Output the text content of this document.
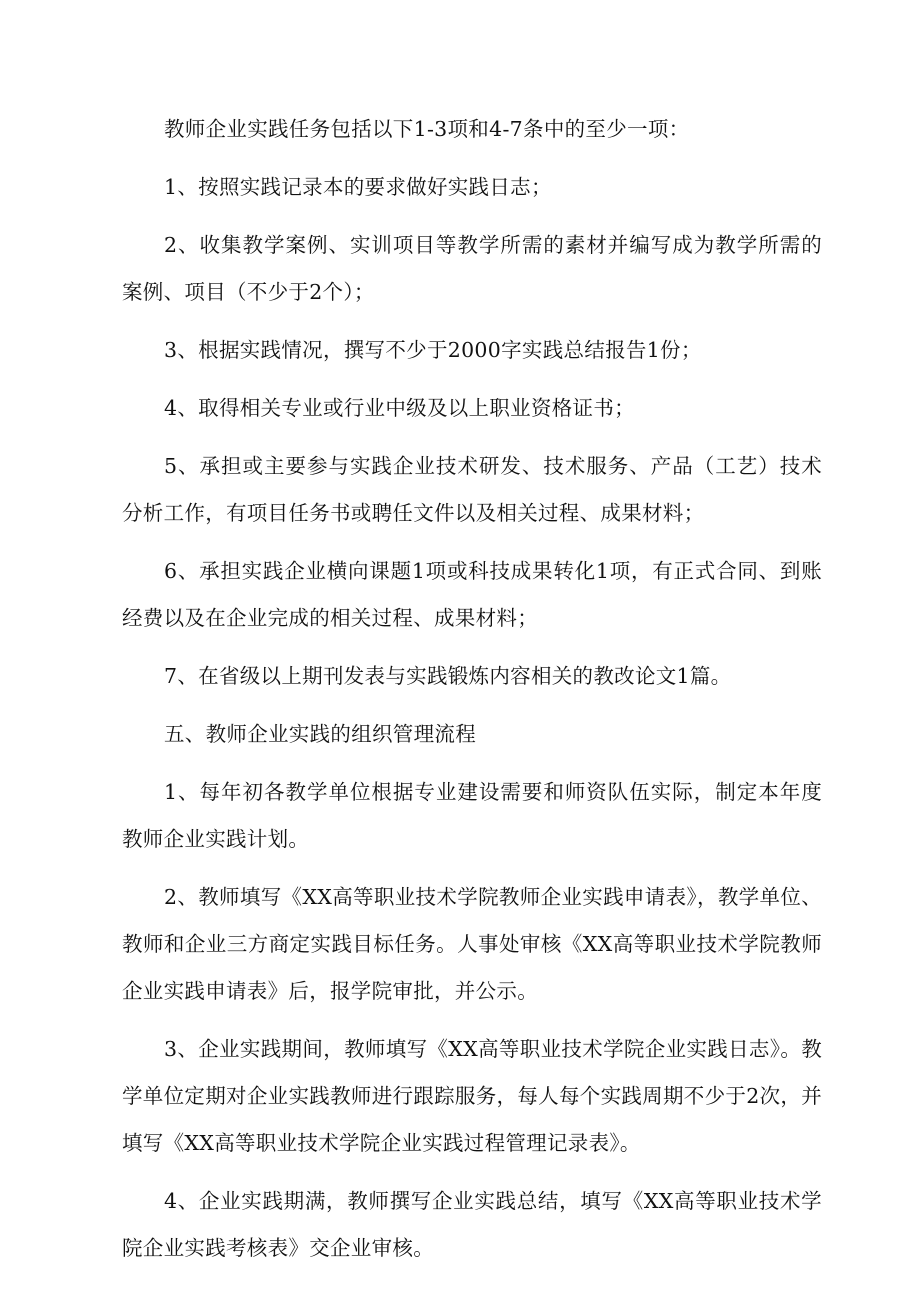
教师企业实践任务包括以下1-3项和4-7条中的至少一项：

1、按照实践记录本的要求做好实践日志；

2、收集教学案例、实训项目等教学所需的素材并编写成为教学所需的案例、项目（不少于2个）；

3、根据实践情况，撰写不少于2000字实践总结报告1份；

4、取得相关专业或行业中级及以上职业资格证书；

5、承担或主要参与实践企业技术研发、技术服务、产品（工艺）技术分析工作，有项目任务书或聘任文件以及相关过程、成果材料；

6、承担实践企业横向课题1项或科技成果转化1项，有正式合同、到账经费以及在企业完成的相关过程、成果材料；

7、在省级以上期刊发表与实践锻炼内容相关的教改论文1篇。

五、教师企业实践的组织管理流程

1、每年初各教学单位根据专业建设需要和师资队伍实际，制定本年度教师企业实践计划。

2、教师填写《XX高等职业技术学院教师企业实践申请表》，教学单位、教师和企业三方商定实践目标任务。人事处审核《XX高等职业技术学院教师企业实践申请表》后，报学院审批，并公示。

3、企业实践期间，教师填写《XX高等职业技术学院企业实践日志》。教学单位定期对企业实践教师进行跟踪服务，每人每个实践周期不少于2次，并填写《XX高等职业技术学院企业实践过程管理记录表》。

4、企业实践期满，教师撰写企业实践总结，填写《XX高等职业技术学院企业实践考核表》交企业审核。
